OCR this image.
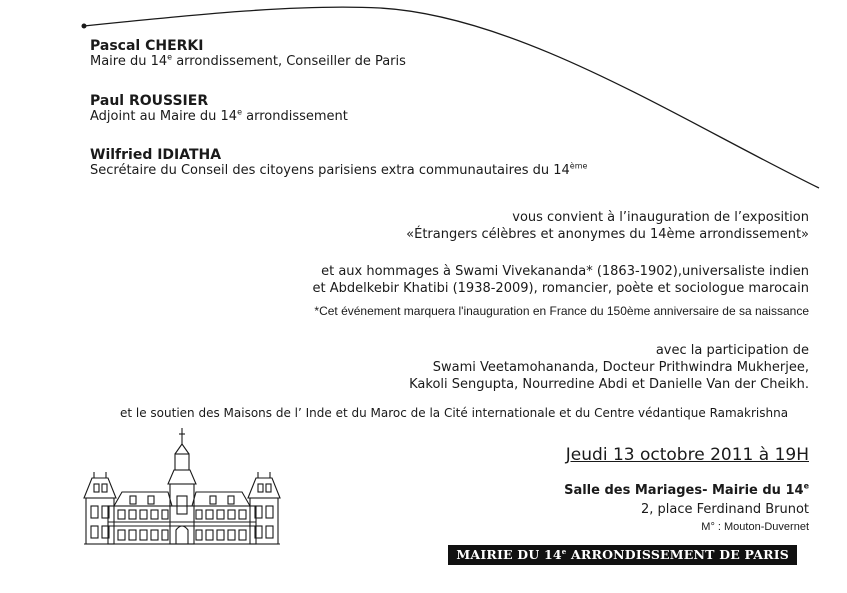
Pascal CHERKI
Maire du 14e arrondissement, Conseiller de Paris
Paul ROUSSIER
Adjoint au Maire du 14e arrondissement
Wilfried IDIATHA
Secrétaire du Conseil des citoyens parisiens extra communautaires du 14ème
vous convient à l’inauguration de l’exposition
«Étrangers célèbres et anonymes du 14ème arrondissement»
et aux hommages à Swami Vivekananda* (1863-1902),universaliste indien
et Abdelkebir Khatibi (1938-2009), romancier, poète et sociologue marocain
*Cet événement marquera l'inauguration en France du 150ème anniversaire de sa naissance
avec la participation de
Swami Veetamohananda, Docteur Prithwindra Mukherjee,
Kakoli Sengupta, Nourredine Abdi et Danielle Van der Cheikh.
et le soutien des Maisons de l’ Inde et du Maroc de la Cité internationale et du Centre védantique Ramakrishna
Jeudi 13 octobre 2011 à 19H
Salle des Mariages- Mairie du 14e
2, place Ferdinand Brunot
M° : Mouton-Duvernet
MAIRIE DU 14e ARRONDISSEMENT DE PARIS
